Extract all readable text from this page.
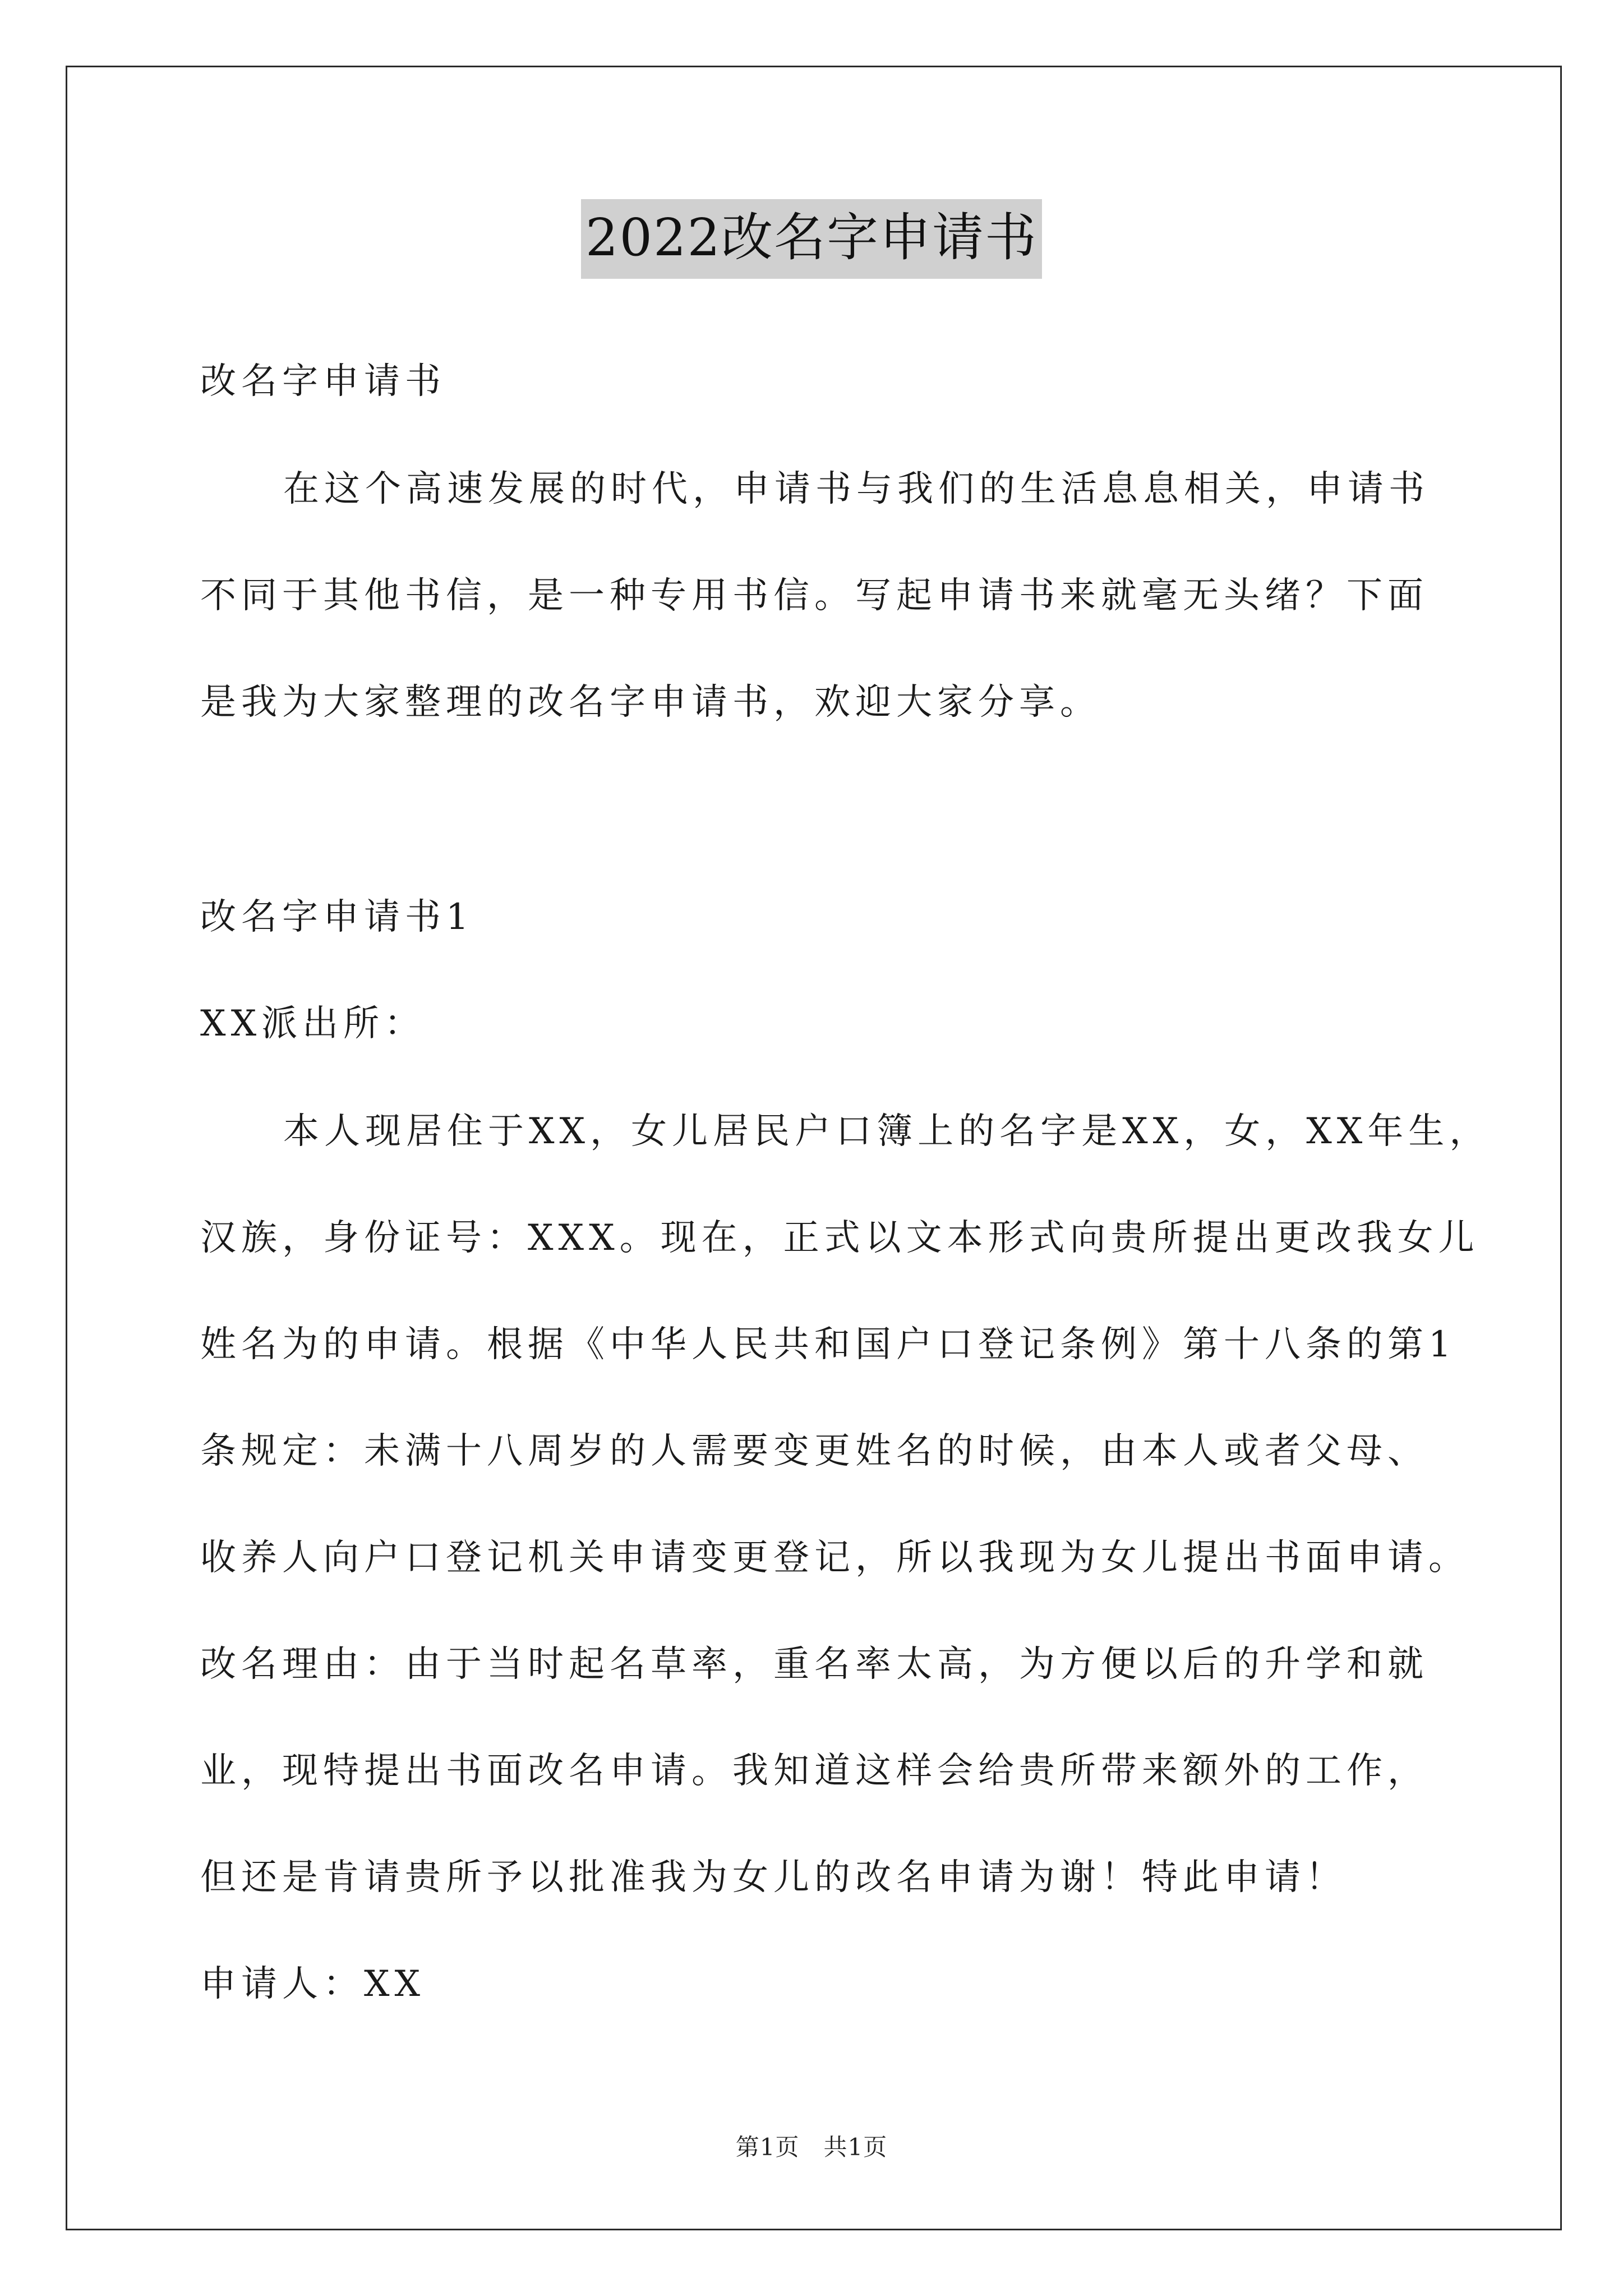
2022改名字申请书
改名字申请书
在这个高速发展的时代，申请书与我们的生活息息相关，申请书
不同于其他书信，是一种专用书信。写起申请书来就毫无头绪？下面
是我为大家整理的改名字申请书，欢迎大家分享。
改名字申请书1
XX派出所：
本人现居住于XX，女儿居民户口簿上的名字是XX，女，XX年生，
汉族，身份证号：XXX。现在，正式以文本形式向贵所提出更改我女儿
姓名为的申请。根据《中华人民共和国户口登记条例》第十八条的第1
条规定：未满十八周岁的人需要变更姓名的时候，由本人或者父母、
收养人向户口登记机关申请变更登记，所以我现为女儿提出书面申请。
改名理由：由于当时起名草率，重名率太高，为方便以后的升学和就
业，现特提出书面改名申请。我知道这样会给贵所带来额外的工作，
但还是肯请贵所予以批准我为女儿的改名申请为谢！特此申请！
申请人：XX
第1页　共1页
